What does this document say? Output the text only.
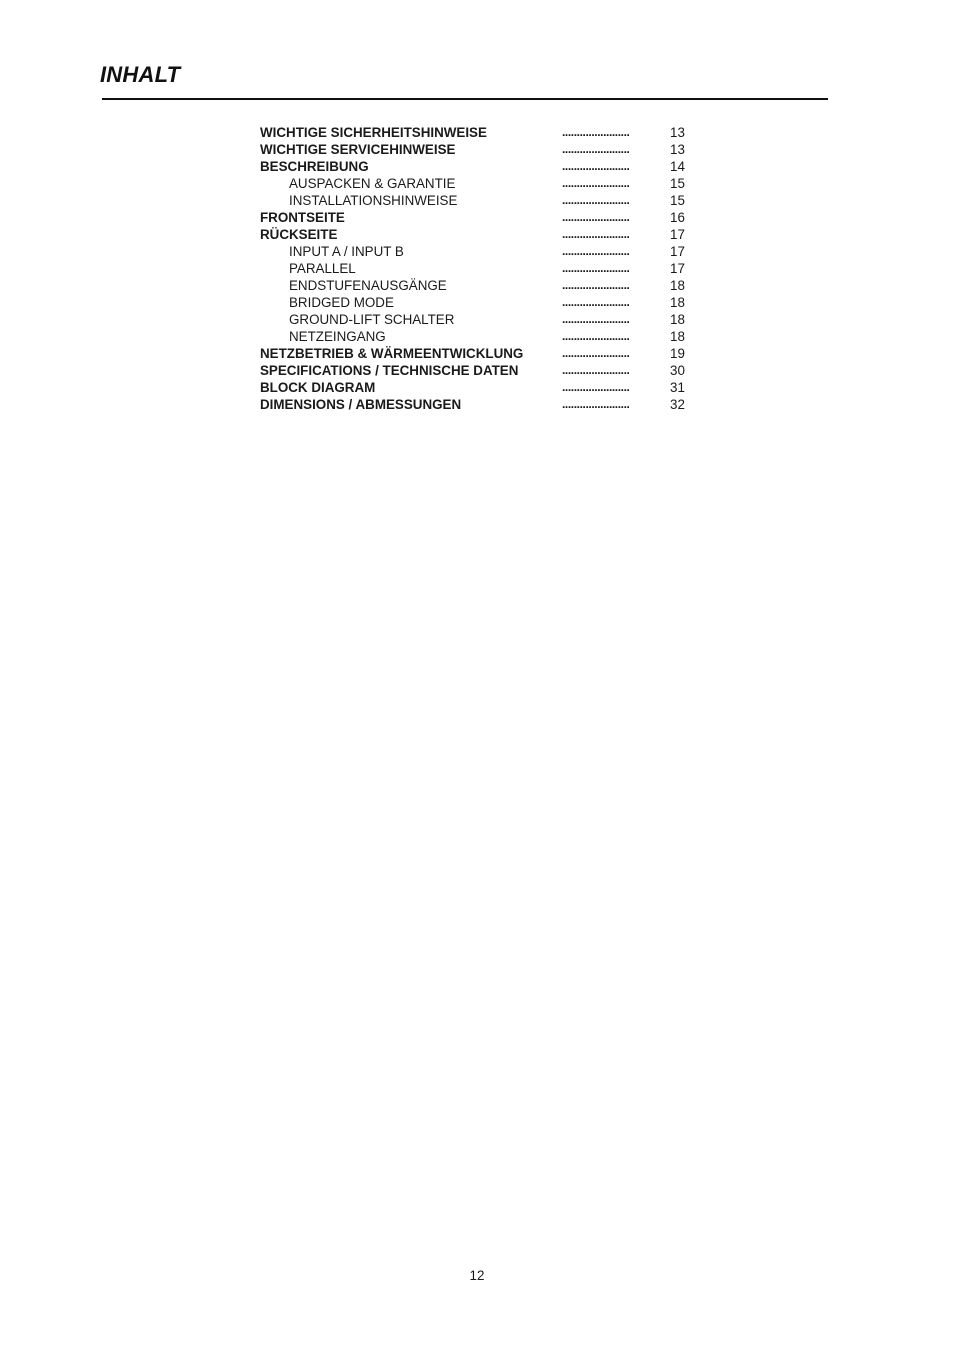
INHALT
WICHTIGE SICHERHEITSHINWEISE	.......................	13
WICHTIGE SERVICEHINWEISE	.......................	13
BESCHREIBUNG	.......................	14
AUSPACKEN & GARANTIE	.......................	15
INSTALLATIONSHINWEISE	.......................	15
FRONTSEITE	.......................	16
RÜCKSEITE	.......................	17
INPUT A / INPUT B	.......................	17
PARALLEL	.......................	17
ENDSTUFENAUSGÄNGE	.......................	18
BRIDGED MODE	.......................	18
GROUND-LIFT SCHALTER	.......................	18
NETZEINGANG	.......................	18
NETZBETRIEB & WÄRMEENTWICKLUNG	.......................	19
SPECIFICATIONS / TECHNISCHE DATEN	.......................	30
BLOCK DIAGRAM	.......................	31
DIMENSIONS / ABMESSUNGEN	.......................	32
12
